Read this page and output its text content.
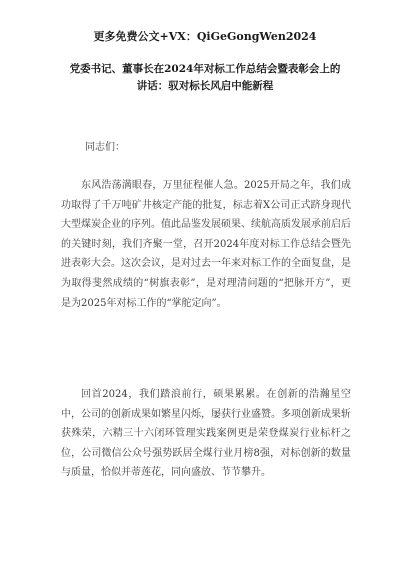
更多免费公文+VX：QiGeGongWen2024
党委书记、董事长在2024年对标工作总结会暨表彰会上的
讲话：驭对标长风启中能新程
同志们：

东风浩荡满眼春，万里征程催人急。2025开局之年，我们成功取得了千万吨矿井核定产能的批复，标志着X公司正式跻身现代大型煤炭企业的序列。值此品鉴发展硕果、续航高质发展承前启后的关键时刻，我们齐聚一堂，召开2024年度对标工作总结会暨先进表彰大会。这次会议，是对过去一年来对标工作的全面复盘，是为取得斐然成绩的“树旗表彰”，是对理清问题的“把脉开方”，更是为2025年对标工作的“掌舵定向”。

回首2024，我们踏浪前行，硕果累累。在创新的浩瀚星空中，公司的创新成果如繁星闪烁，屡获行业盛赞。多项创新成果斩获殊荣，六精三十六闭环管理实践案例更是荣登煤炭行业标杆之位，公司微信公众号强势跃居全煤行业月榜8强，对标创新的数量与质量，恰似并蒂莲花，同向盛放、节节攀升。
